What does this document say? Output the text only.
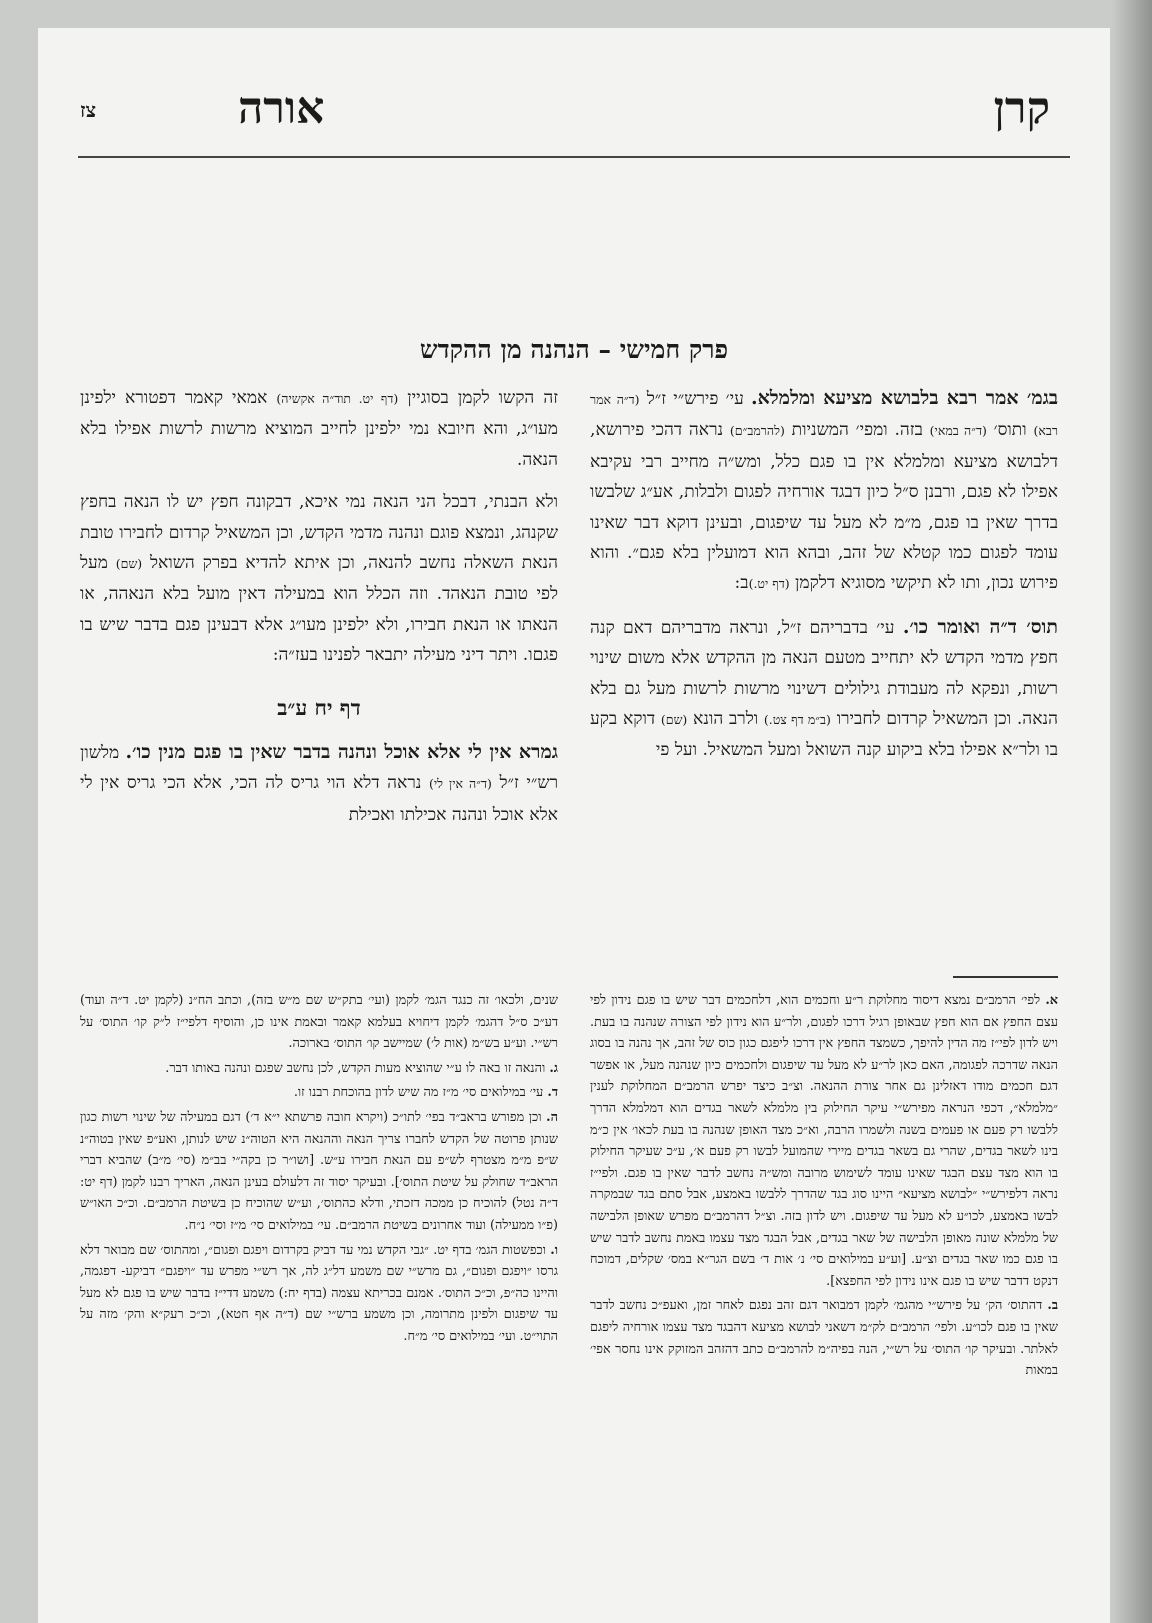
קרן
אורה
צז
פרק חמישי – הנהנה מן ההקדש

בגמ׳ אמר רבא בלבושא מציעא ומלמלא. עי׳ פירש״י ז״ל (ד״ה אמר רבא) ותוס׳ (ד״ה במאי) בזה. ומפי׳ המשניות (להרמב״ם) נראה דהכי פירושא, דלבושא מציעא ומלמלא אין בו פגם כלל, ומש״ה מחייב רבי עקיבא אפילו לא פגם, ורבנן ס״ל כיון דבגד אורחיה לפגום ולבלות, אע״ג שלבשו בדרך שאין בו פגם, מ״מ לא מעל עד שיפגום, ובעינן דוקא דבר שאינו עומד לפגום כמו קטלא של זהב, ובהא הוא דמועלין בלא פגם״. והוא פירוש נכון, ותו לא תיקשי מסוגיא דלקמן (דף יט.)ב:

תוס׳ ד״ה ואומר כו׳. עי׳ בדבריהם ז״ל, ונראה מדבריהם דאם קנה חפץ מדמי הקדש לא יתחייב מטעם הנאה מן ההקדש אלא משום שינוי רשות, ונפקא לה מעבודת גילולים דשינוי מרשות לרשות מעל גם בלא הנאה. וכן המשאיל קרדום לחבירו (ב״מ דף צט.) ולרב הונא (שם) דוקא בקע בו ולר״א אפילו בלא ביקוע קנה השואל ומעל המשאיל. ועל פי

זה הקשו לקמן בסוגיין (דף יט. תוד״ה אקשיה) אמאי קאמר דפטורא ילפינן מעו״ג, והא חיובא נמי ילפינן לחייב המוציא מרשות לרשות אפילו בלא הנאה.

ולא הבנתי, דבכל הני הנאה נמי איכא, דבקונה חפץ יש לו הנאה בחפץ שקנהג, ונמצא פוגם ונהנה מדמי הקדש, וכן המשאיל קרדום לחבירו טובת הנאת השאלה נחשב להנאה, וכן איתא להדיא בפרק השואל (שם) מעל לפי טובת הנאהד. וזה הכלל הוא במעילה דאין מועל בלא הנאהה, או הנאתו או הנאת חבירו, ולא ילפינן מעו״ג אלא דבעינן פגם בדבר שיש בו פגםו. ויתר דיני מעילה יתבאר לפנינו בעז״ה:

דף יח ע״ב

גמרא אין לי אלא אוכל ונהנה בדבר שאין בו פגם מנין כו׳. מלשון רש״י ז״ל (ד״ה אין לי) נראה דלא הוי גריס לה הכי, אלא הכי גריס אין לי אלא אוכל ונהנה אכילתו ואכילת

א. לפי׳ הרמב״ם נמצא דיסוד מחלוקת ר״ע וחכמים הוא, דלחכמים דבר שיש בו פגם נידון לפי עצם החפץ אם הוא חפץ שבאופן רגיל דרכו לפגום, ולר״ע הוא נידון לפי הצורה שנהנה בו בעת. ויש לדון לפי״ז מה הדין להיפך, כשמצד החפץ אין דרכו ליפגם כגון כוס של זהב, אך נהנה בו בסוג הנאה שדרכה לפגומה, האם כאן לר״ע לא מעל עד שיפגום ולחכמים כיון שנהנה מעל, או אפשר דגם חכמים מודו דאזלינן גם אחר צורת ההנאה. וצ״ב כיצד יפרש הרמב״ם המחלוקת לענין ״מלמלא״, דכפי הנראה מפירש״י עיקר החילוק בין מלמלא לשאר בגדים הוא דמלמלא הדרך ללבשו רק פעם או פעמים בשנה ולשמרו הרבה, וא״כ מצד האופן שנהנה בו בעת לכאו׳ אין כ״מ בינו לשאר בגדים, שהרי גם בשאר בגדים מיירי שהמועל לבשו רק פעם א׳, ע״כ שעיקר החילוק בו הוא מצד עצם הבגד שאינו עומד לשימוש מרובה ומש״ה נחשב לדבר שאין בו פגם. ולפי״ז נראה דלפירש״י ״לבושא מציעא״ היינו סוג בגד שהדרך ללבשו באמצע, אבל סתם בגד שבמקרה לבשו באמצע, לכו״ע לא מעל עד שיפגום. ויש לדון בזה. וצ״ל דהרמב״ם מפרש שאופן הלבישה של מלמלא שונה מאופן הלבישה של שאר בגדים, אבל הבגד מצד עצמו באמת נחשב לדבר שיש בו פגם כמו שאר בגדים וצ״ע. [וע״ע במילואים סי׳ נ׳ אות ד׳ בשם הגר״א במס׳ שקלים, דמוכח דנקט דדבר שיש בו פגם אינו נידון לפי החפצא].

ב. דהתוס׳ הק׳ על פירש״י מהגמ׳ לקמן דמבואר דגם זהב נפגם לאחר זמן, ואעפ״כ נחשב לדבר שאין בו פגם לכו״ע. ולפי׳ הרמב״ם לק״מ דשאני לבושא מציעא דהבגד מצד עצמו אורחיה ליפגם לאלתר. ובעיקר קו׳ התוס׳ על רש״י, הנה בפיה״מ להרמב״ם כתב דהזהב המזוקק אינו נחסר אפי׳ במאות

שנים, ולכאו׳ זה כנגד הגמ׳ לקמן (ועי׳ בתק״ש שם מ״ש בזה), וכתב הח״נ (לקמן יט. ד״ה ועוד) דע״כ ס״ל דהגמ׳ לקמן דיחויא בעלמא קאמר ובאמת אינו כן, והוסיף דלפי״ז ל״ק קו׳ התוס׳ על רש״י. וע״ע בש״מ (אות ל׳) שמיישב קו׳ התוס׳ בארוכה.

ג. והנאה זו באה לו ע״י שהוציא מעות הקדש, לכן נחשב שפגם ונהנה באותו דבר.

ד. עי׳ במילואים סי׳ מ״ז מה שיש לדון בהוכחת רבנו זו.

ה. וכן מפורש בראב״ד בפי׳ לתו״כ (ויקרא חובה פרשתא י״א ד׳) דגם במעילה של שינוי רשות כגון שנותן פרוטה של הקדש לחברו צריך הנאה וההנאה היא הטוה״נ שיש לנותן, ואע״פ שאין בטוה״נ ש״פ מ״מ מצטרף לש״פ עם הנאת חבירו ע״ש. [ושו״ר כן בקה״י בב״מ (סי׳ מ״ב) שהביא דברי הראב״ד שחולק על שיטת התוס׳]. ובעיקר יסוד זה דלעולם בעינן הנאה, האריך רבנו לקמן (דף יט: ד״ה נטל) להוכיח כן ממכה דזכתי, ודלא כהתוס׳, וע״ש שהוכיח כן בשיטת הרמב״ם. וכ״כ האו״ש (פ״ו ממעילה) ועוד אחרונים בשיטת הרמב״ם. עי׳ במילואים סי׳ מ״ז וסי׳ נ״ח.

ו. וכפשטות הגמ׳ בדף יט. ״גבי הקדש נמי עד דביק בקרדום ויפגם ופגום״, ומהתוס׳ שם מבואר דלא גרסו ״ויפגם ופגום״, גם מרש״י שם משמע דל״ג לה, אך רש״י מפרש עד ״ויפגם״ דביקע- דפגמה, והיינו כה״פ, וכ״כ התוס׳. אמנם בכריתא עצמה (בדף יח:) משמע דדי״ז בדבר שיש בו פגם לא מעל עד שיפגום ולפינן מתרומה, וכן משמע ברש״י שם (ד״ה אף חטא), וכ״כ רעק״א והק׳ מזה על התוי״ט. ועי׳ במילואים סי׳ מ״ח.
